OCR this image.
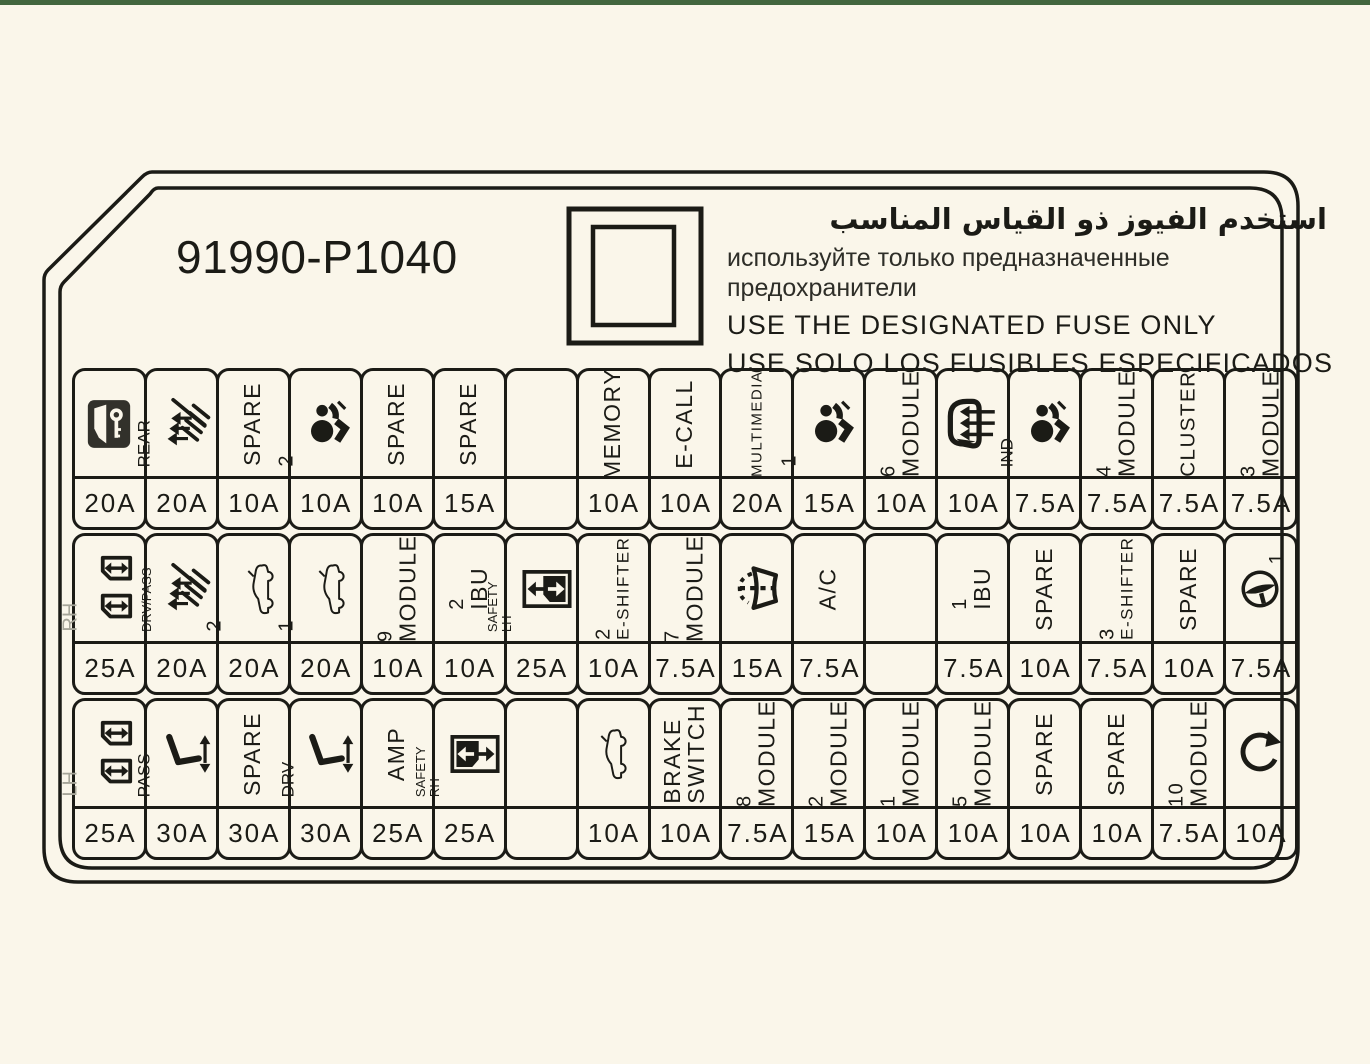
91990-P1040
استخدم الفيوز ذو القياس المناسب
используйте только предназначенные
предохранители
USE THE DESIGNATED FUSE ONLY
USE SOLO LOS FUSIBLES ESPECIFICADOS
20A
REAR
20A
SPARE
10A
2
10A
SPARE
10A
SPARE
15A
MEMORY
10A
E-CALL
10A
MULTIMEDIA
20A
1
15A
6
MODULE
10A 10A
IND
7.5A
4
MODULE
7.5A
CLUSTER
7.5A
3
MODULE
7.5A
RH
25A
DRV/PASS
20A
2
20A
1
20A
9
MODULE
10A
2
IBU
10A
SAFETY LH
25A
2
E-SHIFTER
10A
7
MODULE
7.5A 15A
A/C
7.5A
1
IBU
7.5A
SPARE
10A
3
E-SHIFTER
7.5A
SPARE
10A
1
7.5A
LH
25A
PASS
30A
SPARE
30A
DRV
30A
AMP
25A
SAFETY RH
25A	10A
BRAKE
SWITCH
10A
8
MODULE
7.5A
2
MODULE
15A
1
MODULE
10A
5
MODULE
10A
SPARE
10A
SPARE
10A
10
MODULE
7.5A 10A
